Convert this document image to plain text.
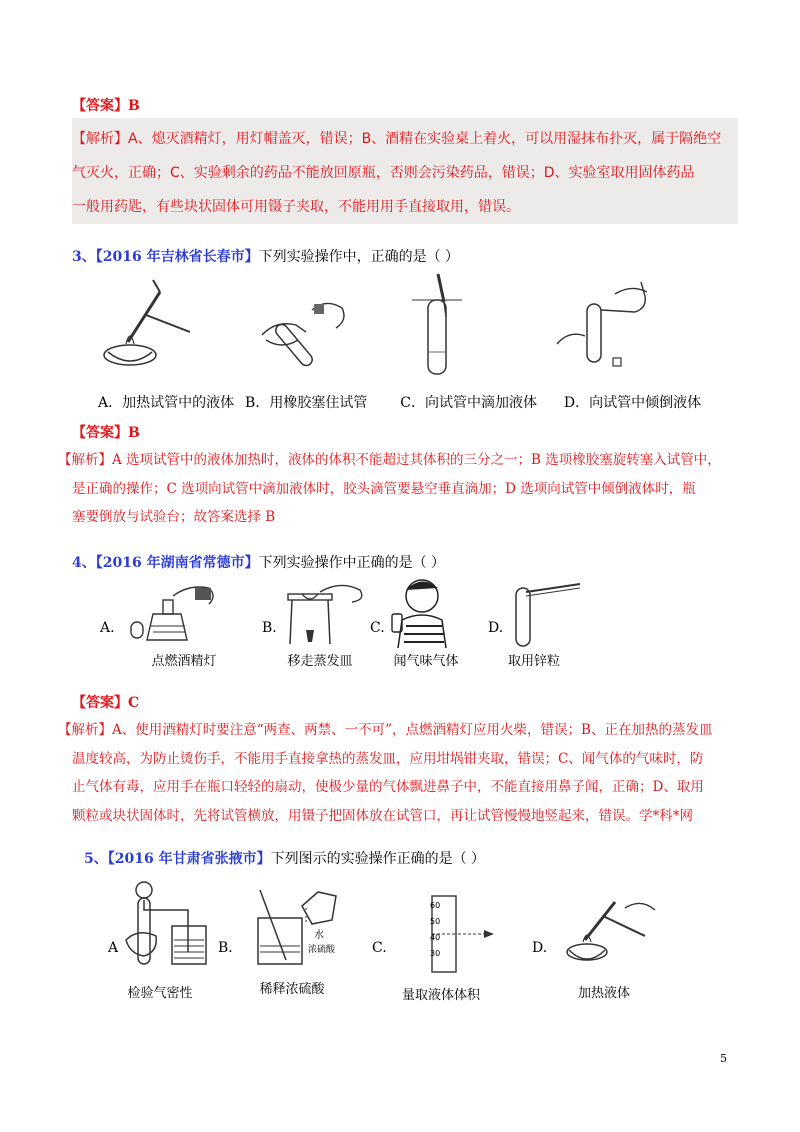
【答案】B
【解析】A、熄灭酒精灯，用灯帽盖灭，错误；B、酒精在实验桌上着火，可以用湿抹布扑灭，属于隔绝空
气灭火，正确；C、实验剩余的药品不能放回原瓶，否则会污染药品，错误；D、实验室取用固体药品
一般用药匙，有些块状固体可用镊子夹取，不能用用手直接取用，错误。
3、【2016 年吉林省长春市】下列实验操作中，正确的是（ ）
A．加热试管中的液体 B．用橡胶塞住试管 C．向试管中滴加液体 D．向试管中倾倒液体
【答案】B
【解析】A 选项试管中的液体加热时，液体的体积不能超过其体积的三分之一；B 选项橡胶塞旋转塞入试管中，
是正确的操作；C 选项向试管中滴加液体时，胶头滴管要悬空垂直滴加；D 选项向试管中倾倒液体时，瓶
塞要倒放与试验台；故答案选择 B
4、【2016 年湖南省常德市】下列实验操作中正确的是（ ）
A.
点燃酒精灯
B.
移走蒸发皿
C.
闻气味气体
D.
取用锌粒
【答案】C
【解析】A、使用酒精灯时要注意“两查、两禁、一不可”，点燃酒精灯应用火柴，错误；B、正在加热的蒸发皿
温度较高，为防止烫伤手，不能用手直接拿热的蒸发皿，应用坩埚钳夹取，错误；C、闻气体的气味时，防
止气体有毒，应用手在瓶口轻轻的扇动，使极少量的气体飘进鼻子中，不能直接用鼻子闻，正确；D、取用
颗粒或块状固体时，先将试管横放，用镊子把固体放在试管口，再让试管慢慢地竖起来，错误。学*科*网
5、【2016 年甘肃省张掖市】下列图示的实验操作正确的是（ ）
A
检验气密性
B.
水
浓硫酸
稀释浓硫酸
C.
60
50
40
30
量取液体体积
D.
加热液体
5
